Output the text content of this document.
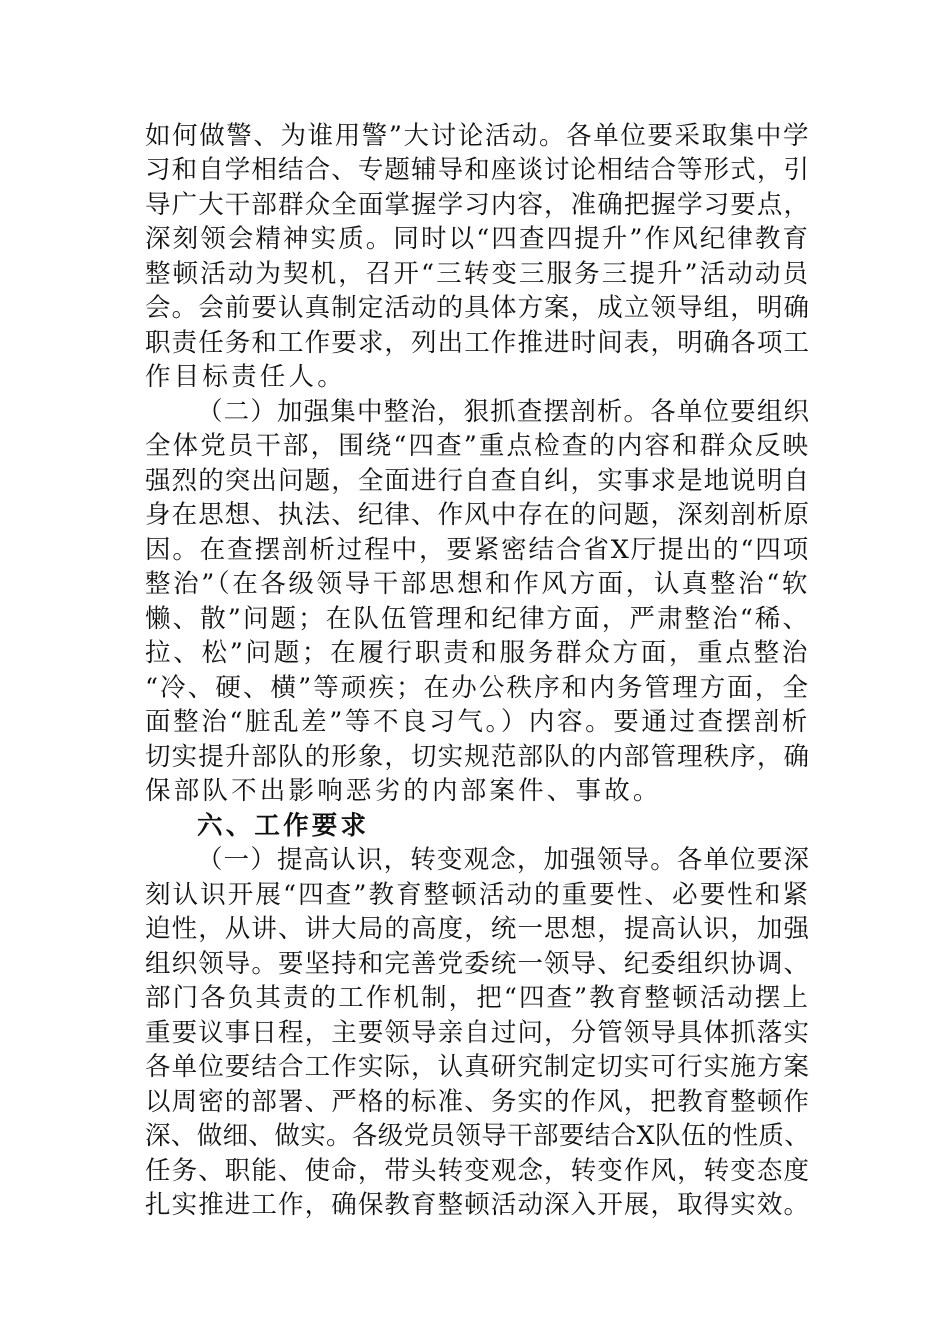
如何做警、为谁用警”大讨论活动。各单位要采取集中学
习和自学相结合、专题辅导和座谈讨论相结合等形式，引
导广大干部群众全面掌握学习内容，准确把握学习要点，
深刻领会精神实质。同时以“四查四提升”作风纪律教育
整顿活动为契机，召开“三转变三服务三提升”活动动员
会。会前要认真制定活动的具体方案，成立领导组，明确
职责任务和工作要求，列出工作推进时间表，明确各项工
作目标责任人。
（二）加强集中整治，狠抓查摆剖析。各单位要组织
全体党员干部，围绕“四查”重点检查的内容和群众反映
强烈的突出问题，全面进行自查自纠，实事求是地说明自
身在思想、执法、纪律、作风中存在的问题，深刻剖析原
因。在查摆剖析过程中，要紧密结合省X厅提出的“四项
整治”（在各级领导干部思想和作风方面，认真整治“软
懒、散”问题；在队伍管理和纪律方面，严肃整治“稀、
拉、松”问题；在履行职责和服务群众方面，重点整治
“冷、硬、横”等顽疾；在办公秩序和内务管理方面，全
面整治“脏乱差”等不良习气。）内容。要通过查摆剖析
切实提升部队的形象，切实规范部队的内部管理秩序，确
保部队不出影响恶劣的内部案件、事故。
六、工作要求
（一）提高认识，转变观念，加强领导。各单位要深
刻认识开展“四查”教育整顿活动的重要性、必要性和紧
迫性，从讲、讲大局的高度，统一思想，提高认识，加强
组织领导。要坚持和完善党委统一领导、纪委组织协调、
部门各负其责的工作机制，把“四查”教育整顿活动摆上
重要议事日程，主要领导亲自过问，分管领导具体抓落实
各单位要结合工作实际，认真研究制定切实可行实施方案
以周密的部署、严格的标准、务实的作风，把教育整顿作
深、做细、做实。各级党员领导干部要结合X队伍的性质、
任务、职能、使命，带头转变观念，转变作风，转变态度
扎实推进工作，确保教育整顿活动深入开展，取得实效。
